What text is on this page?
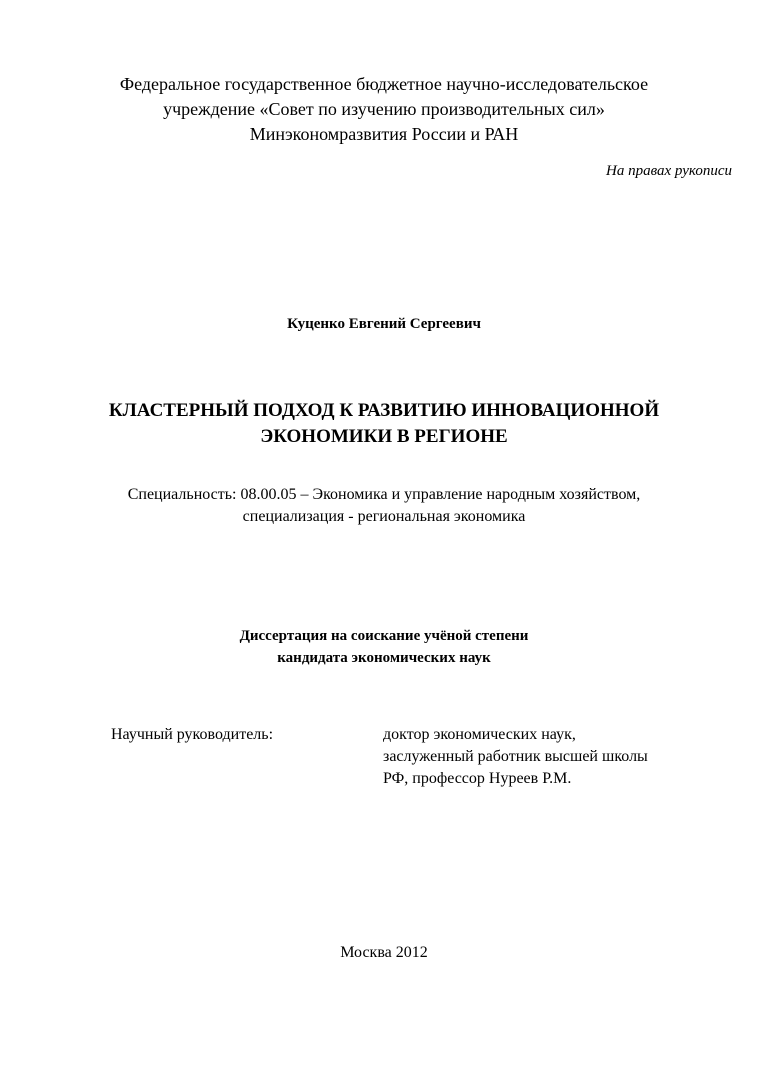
Федеральное государственное бюджетное научно-исследовательское
учреждение «Совет по изучению производительных сил»
Минэкономразвития России и РАН
На правах рукописи
Куценко Евгений Сергеевич
КЛАСТЕРНЫЙ ПОДХОД К РАЗВИТИЮ ИННОВАЦИОННОЙ
ЭКОНОМИКИ В РЕГИОНЕ
Специальность: 08.00.05 – Экономика и управление народным хозяйством,
специализация - региональная экономика
Диссертация на соискание учёной степени
кандидата экономических наук
Научный руководитель:	доктор экономических наук,
заслуженный работник высшей школы
РФ, профессор Нуреев Р.М.
Москва 2012
